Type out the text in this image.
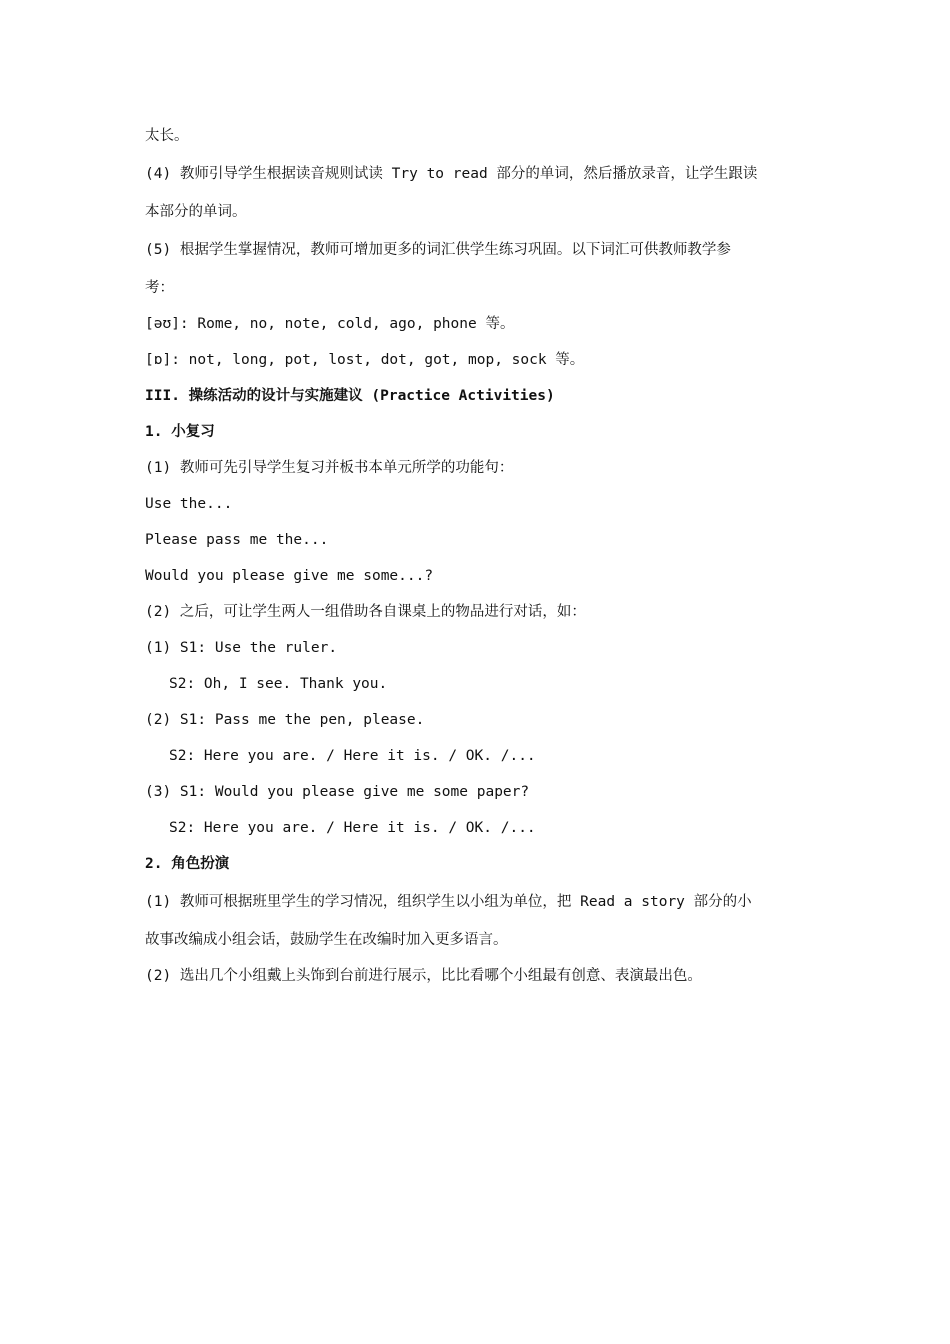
太长。
(4) 教师引导学生根据读音规则试读 Try to read 部分的单词，然后播放录音，让学生跟读
本部分的单词。
(5) 根据学生掌握情况，教师可增加更多的词汇供学生练习巩固。以下词汇可供教师教学参
考：
[əʊ]: Rome, no, note, cold, ago, phone 等。
[ɒ]: not, long, pot, lost, dot, got, mop, sock 等。
III. 操练活动的设计与实施建议 (Practice Activities)
1. 小复习
(1) 教师可先引导学生复习并板书本单元所学的功能句：
Use the...
Please pass me the...
Would you please give me some...?
(2) 之后，可让学生两人一组借助各自课桌上的物品进行对话，如：
(1) S1: Use the ruler.
S2: Oh, I see. Thank you.
(2) S1: Pass me the pen, please.
S2: Here you are. / Here it is. / OK. /...
(3) S1: Would you please give me some paper?
S2: Here you are. / Here it is. / OK. /...
2. 角色扮演
(1) 教师可根据班里学生的学习情况，组织学生以小组为单位，把 Read a story 部分的小
故事改编成小组会话，鼓励学生在改编时加入更多语言。
(2) 选出几个小组戴上头饰到台前进行展示，比比看哪个小组最有创意、表演最出色。
